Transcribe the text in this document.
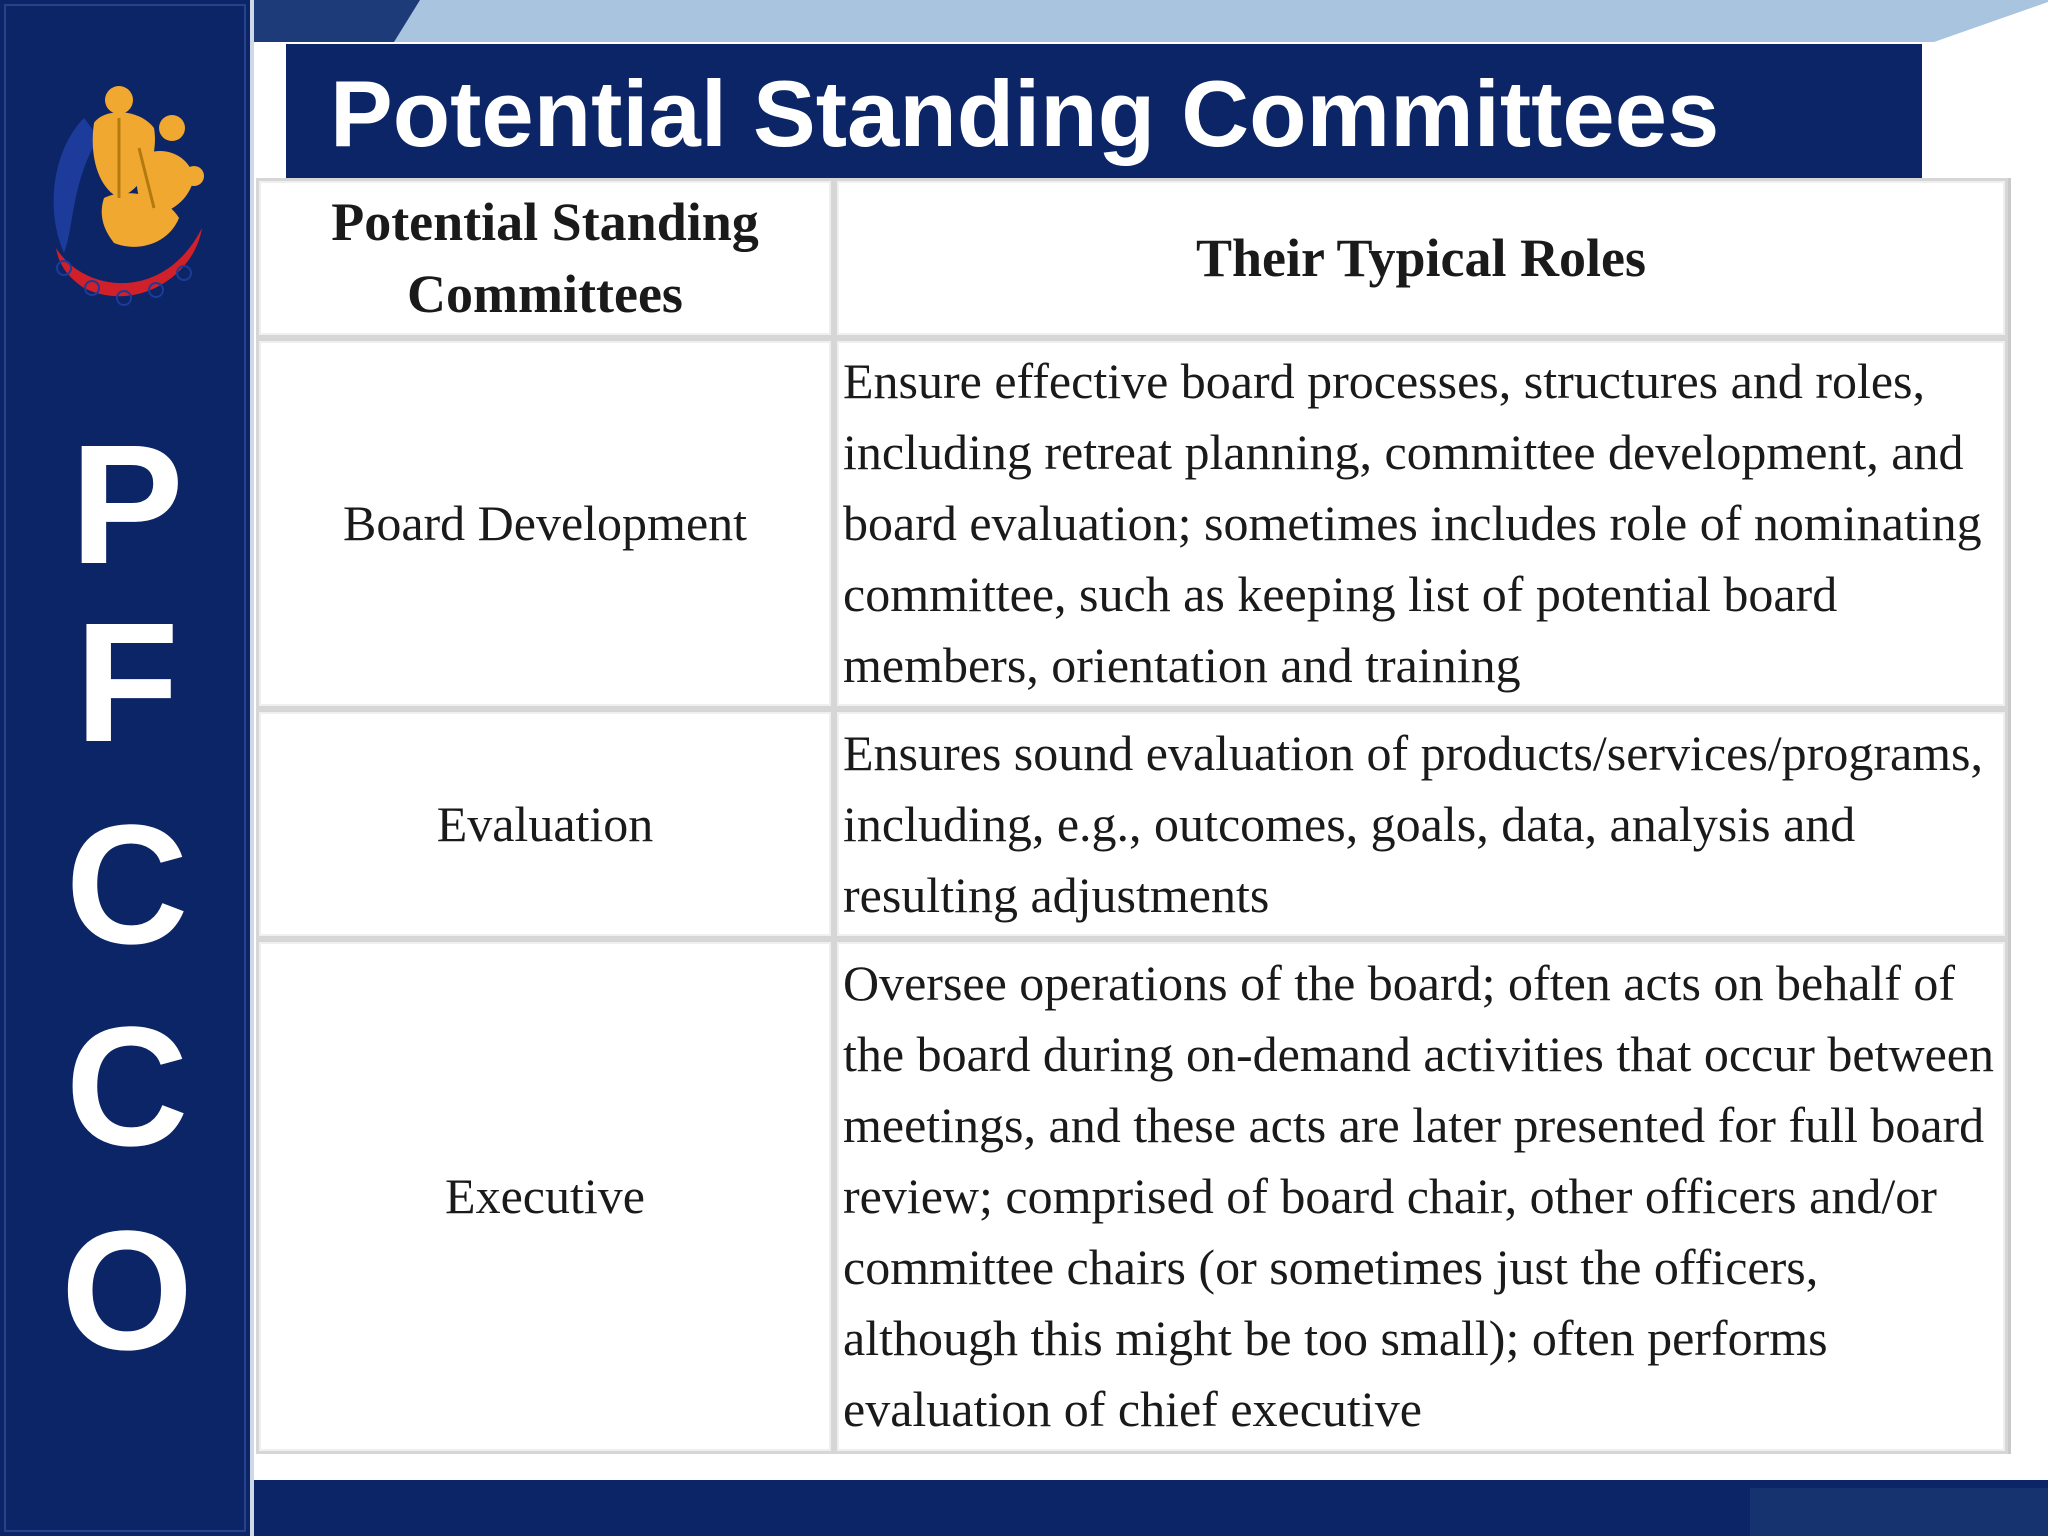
P
F
C
C
O
Potential Standing Committees
Potential Standing Committees	Their Typical Roles
Board Development	Ensure effective board processes, structures and roles, including retreat planning, committee development, and board evaluation; sometimes includes role of nominating committee, such as keeping list of potential board members, orientation and training
Evaluation	Ensures sound evaluation of products/services/programs, including, e.g., outcomes, goals, data, analysis and resulting adjustments
Executive	Oversee operations of the board; often acts on behalf of the board during on-demand activities that occur between meetings, and these acts are later presented for full board review; comprised of board chair, other officers and/or committee chairs (or sometimes just the officers, although this might be too small); often performs evaluation of chief executive
